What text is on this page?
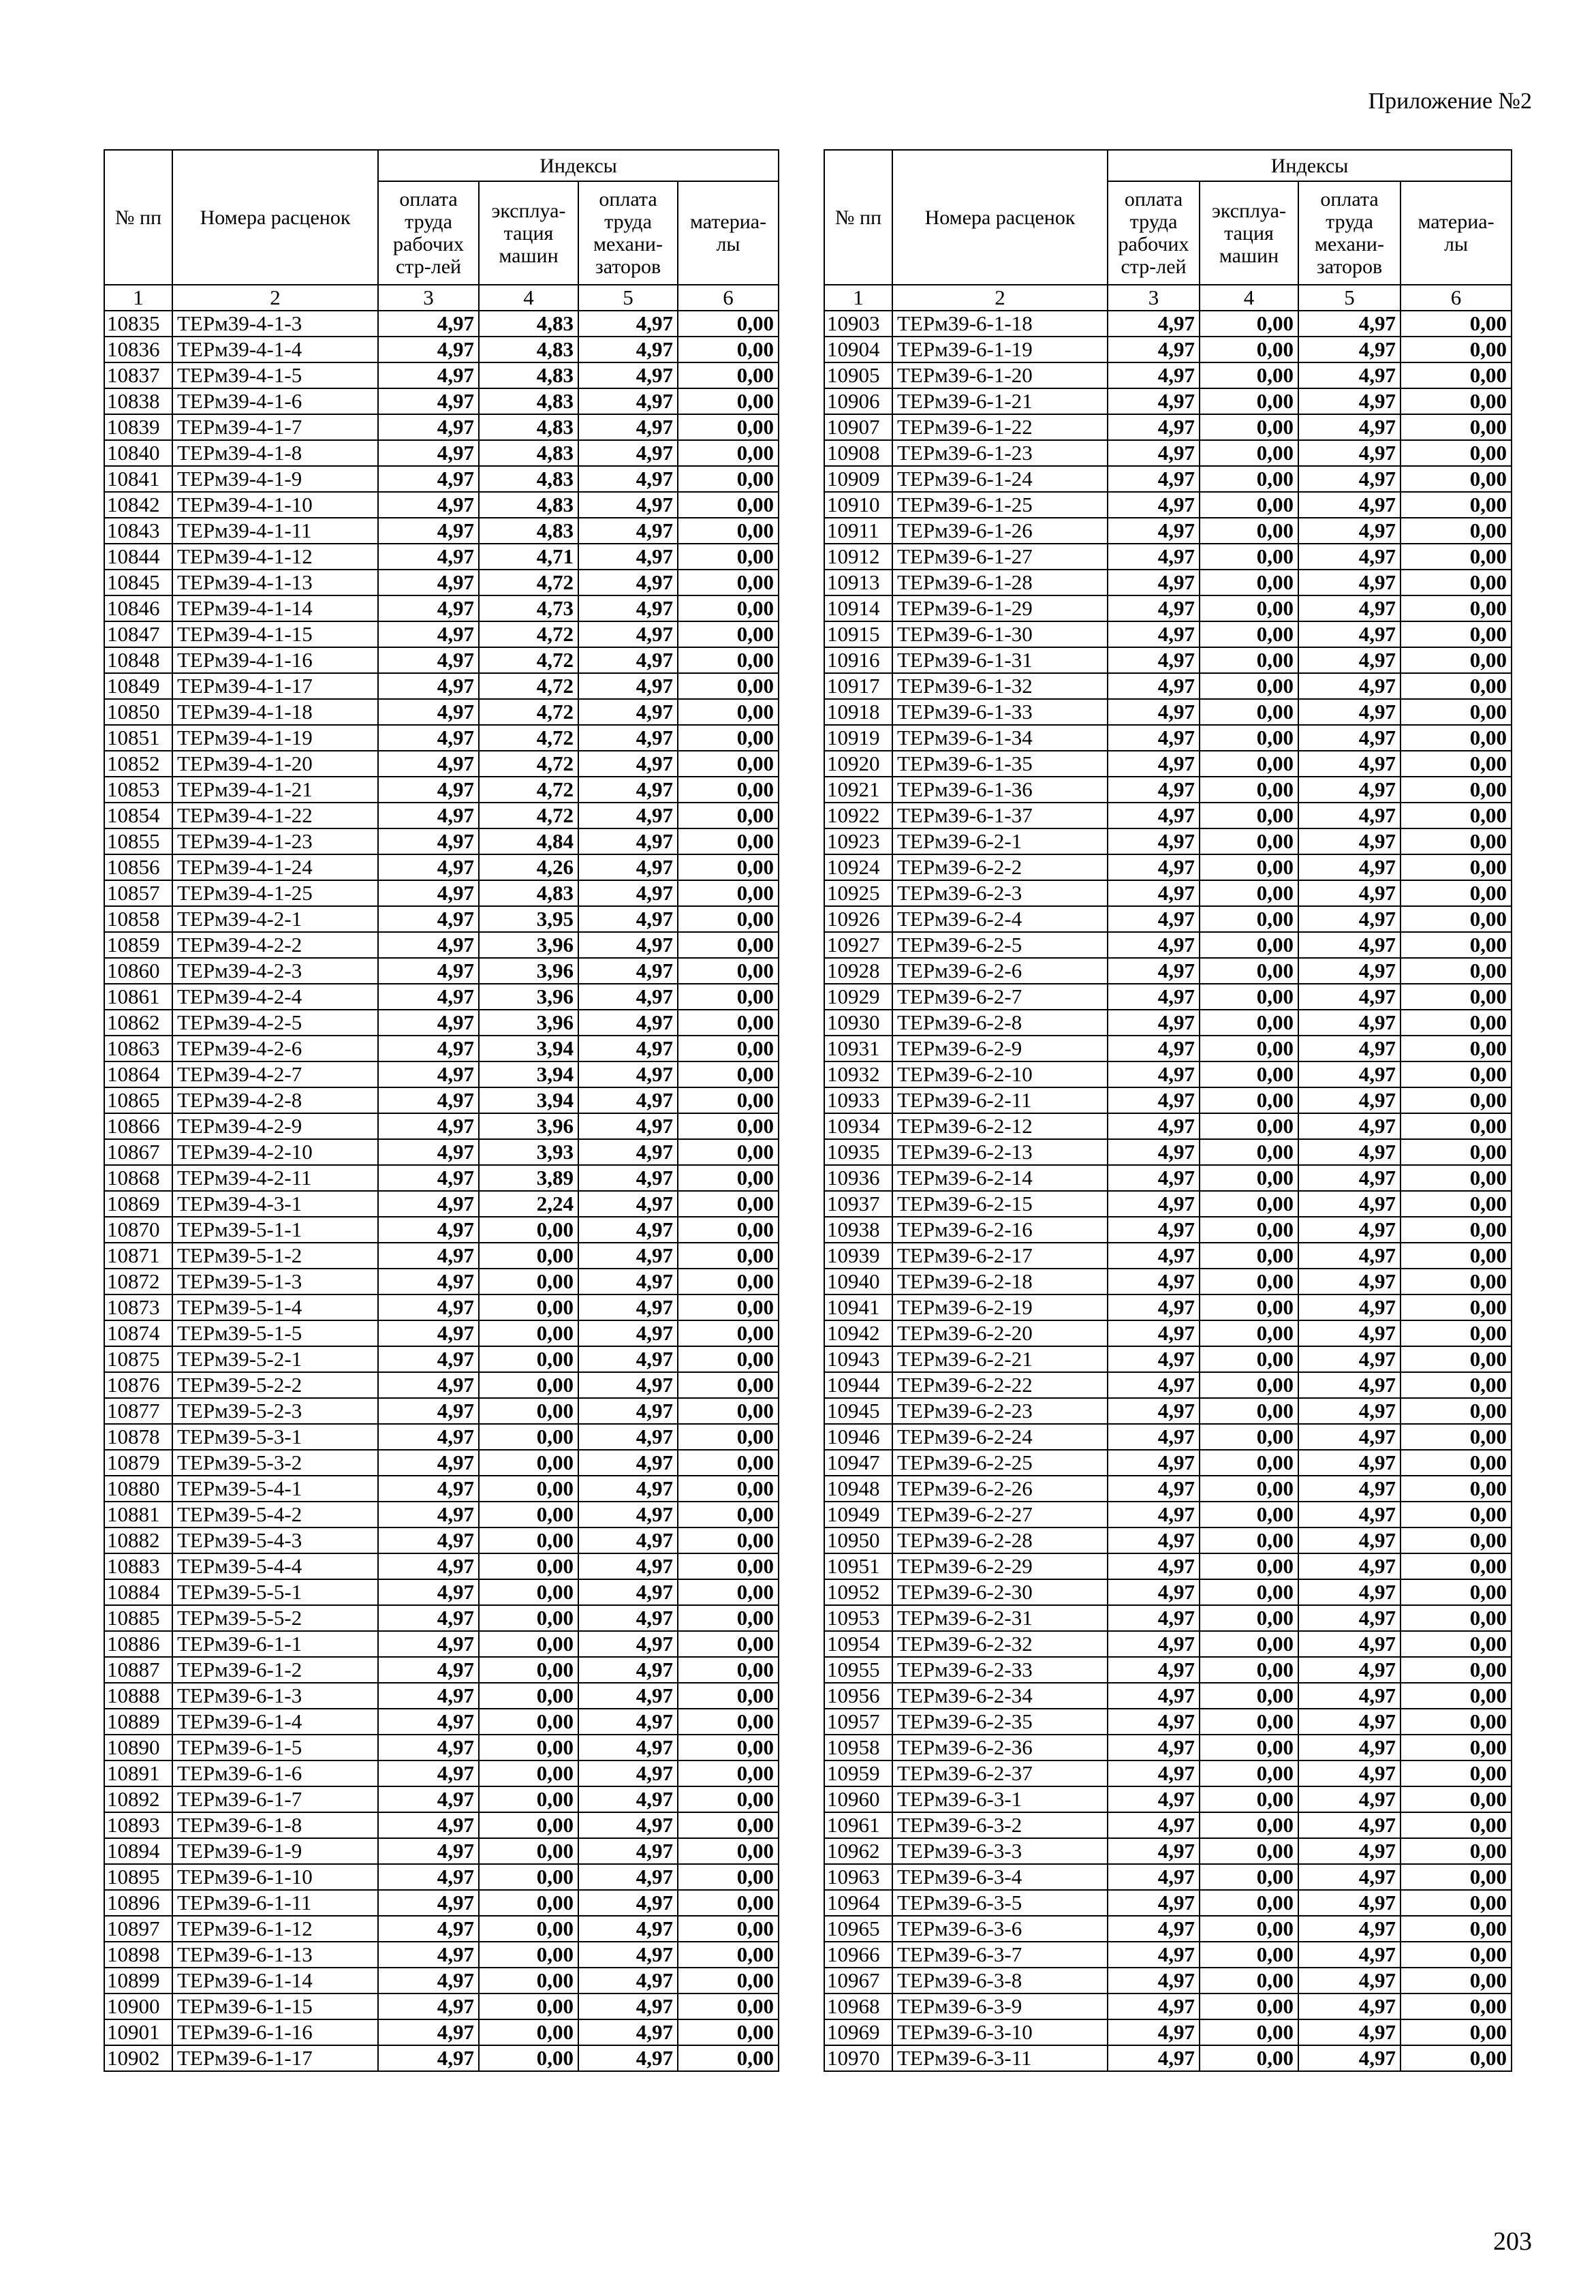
Приложение №2
№ пп	Номера расценок	Индексы			
		оплата труда рабочих стр-лей	эксплуа- тация машин	оплата труда механи- заторов	материа- лы
1	2	3	4	5	6
10835	ТЕРм39-4-1-3	4,97	4,83	4,97	0,00
10836	ТЕРм39-4-1-4	4,97	4,83	4,97	0,00
10837	ТЕРм39-4-1-5	4,97	4,83	4,97	0,00
10838	ТЕРм39-4-1-6	4,97	4,83	4,97	0,00
10839	ТЕРм39-4-1-7	4,97	4,83	4,97	0,00
10840	ТЕРм39-4-1-8	4,97	4,83	4,97	0,00
10841	ТЕРм39-4-1-9	4,97	4,83	4,97	0,00
10842	ТЕРм39-4-1-10	4,97	4,83	4,97	0,00
10843	ТЕРм39-4-1-11	4,97	4,83	4,97	0,00
10844	ТЕРм39-4-1-12	4,97	4,71	4,97	0,00
10845	ТЕРм39-4-1-13	4,97	4,72	4,97	0,00
10846	ТЕРм39-4-1-14	4,97	4,73	4,97	0,00
10847	ТЕРм39-4-1-15	4,97	4,72	4,97	0,00
10848	ТЕРм39-4-1-16	4,97	4,72	4,97	0,00
10849	ТЕРм39-4-1-17	4,97	4,72	4,97	0,00
10850	ТЕРм39-4-1-18	4,97	4,72	4,97	0,00
10851	ТЕРм39-4-1-19	4,97	4,72	4,97	0,00
10852	ТЕРм39-4-1-20	4,97	4,72	4,97	0,00
10853	ТЕРм39-4-1-21	4,97	4,72	4,97	0,00
10854	ТЕРм39-4-1-22	4,97	4,72	4,97	0,00
10855	ТЕРм39-4-1-23	4,97	4,84	4,97	0,00
10856	ТЕРм39-4-1-24	4,97	4,26	4,97	0,00
10857	ТЕРм39-4-1-25	4,97	4,83	4,97	0,00
10858	ТЕРм39-4-2-1	4,97	3,95	4,97	0,00
10859	ТЕРм39-4-2-2	4,97	3,96	4,97	0,00
10860	ТЕРм39-4-2-3	4,97	3,96	4,97	0,00
10861	ТЕРм39-4-2-4	4,97	3,96	4,97	0,00
10862	ТЕРм39-4-2-5	4,97	3,96	4,97	0,00
10863	ТЕРм39-4-2-6	4,97	3,94	4,97	0,00
10864	ТЕРм39-4-2-7	4,97	3,94	4,97	0,00
10865	ТЕРм39-4-2-8	4,97	3,94	4,97	0,00
10866	ТЕРм39-4-2-9	4,97	3,96	4,97	0,00
10867	ТЕРм39-4-2-10	4,97	3,93	4,97	0,00
10868	ТЕРм39-4-2-11	4,97	3,89	4,97	0,00
10869	ТЕРм39-4-3-1	4,97	2,24	4,97	0,00
10870	ТЕРм39-5-1-1	4,97	0,00	4,97	0,00
10871	ТЕРм39-5-1-2	4,97	0,00	4,97	0,00
10872	ТЕРм39-5-1-3	4,97	0,00	4,97	0,00
10873	ТЕРм39-5-1-4	4,97	0,00	4,97	0,00
10874	ТЕРм39-5-1-5	4,97	0,00	4,97	0,00
10875	ТЕРм39-5-2-1	4,97	0,00	4,97	0,00
10876	ТЕРм39-5-2-2	4,97	0,00	4,97	0,00
10877	ТЕРм39-5-2-3	4,97	0,00	4,97	0,00
10878	ТЕРм39-5-3-1	4,97	0,00	4,97	0,00
10879	ТЕРм39-5-3-2	4,97	0,00	4,97	0,00
10880	ТЕРм39-5-4-1	4,97	0,00	4,97	0,00
10881	ТЕРм39-5-4-2	4,97	0,00	4,97	0,00
10882	ТЕРм39-5-4-3	4,97	0,00	4,97	0,00
10883	ТЕРм39-5-4-4	4,97	0,00	4,97	0,00
10884	ТЕРм39-5-5-1	4,97	0,00	4,97	0,00
10885	ТЕРм39-5-5-2	4,97	0,00	4,97	0,00
10886	ТЕРм39-6-1-1	4,97	0,00	4,97	0,00
10887	ТЕРм39-6-1-2	4,97	0,00	4,97	0,00
10888	ТЕРм39-6-1-3	4,97	0,00	4,97	0,00
10889	ТЕРм39-6-1-4	4,97	0,00	4,97	0,00
10890	ТЕРм39-6-1-5	4,97	0,00	4,97	0,00
10891	ТЕРм39-6-1-6	4,97	0,00	4,97	0,00
10892	ТЕРм39-6-1-7	4,97	0,00	4,97	0,00
10893	ТЕРм39-6-1-8	4,97	0,00	4,97	0,00
10894	ТЕРм39-6-1-9	4,97	0,00	4,97	0,00
10895	ТЕРм39-6-1-10	4,97	0,00	4,97	0,00
10896	ТЕРм39-6-1-11	4,97	0,00	4,97	0,00
10897	ТЕРм39-6-1-12	4,97	0,00	4,97	0,00
10898	ТЕРм39-6-1-13	4,97	0,00	4,97	0,00
10899	ТЕРм39-6-1-14	4,97	0,00	4,97	0,00
10900	ТЕРм39-6-1-15	4,97	0,00	4,97	0,00
10901	ТЕРм39-6-1-16	4,97	0,00	4,97	0,00
10902	ТЕРм39-6-1-17	4,97	0,00	4,97	0,00
№ пп	Номера расценок	Индексы			
		оплата труда рабочих стр-лей	эксплуа- тация машин	оплата труда механи- заторов	материа- лы
1	2	3	4	5	6
10903	ТЕРм39-6-1-18	4,97	0,00	4,97	0,00
10904	ТЕРм39-6-1-19	4,97	0,00	4,97	0,00
10905	ТЕРм39-6-1-20	4,97	0,00	4,97	0,00
10906	ТЕРм39-6-1-21	4,97	0,00	4,97	0,00
10907	ТЕРм39-6-1-22	4,97	0,00	4,97	0,00
10908	ТЕРм39-6-1-23	4,97	0,00	4,97	0,00
10909	ТЕРм39-6-1-24	4,97	0,00	4,97	0,00
10910	ТЕРм39-6-1-25	4,97	0,00	4,97	0,00
10911	ТЕРм39-6-1-26	4,97	0,00	4,97	0,00
10912	ТЕРм39-6-1-27	4,97	0,00	4,97	0,00
10913	ТЕРм39-6-1-28	4,97	0,00	4,97	0,00
10914	ТЕРм39-6-1-29	4,97	0,00	4,97	0,00
10915	ТЕРм39-6-1-30	4,97	0,00	4,97	0,00
10916	ТЕРм39-6-1-31	4,97	0,00	4,97	0,00
10917	ТЕРм39-6-1-32	4,97	0,00	4,97	0,00
10918	ТЕРм39-6-1-33	4,97	0,00	4,97	0,00
10919	ТЕРм39-6-1-34	4,97	0,00	4,97	0,00
10920	ТЕРм39-6-1-35	4,97	0,00	4,97	0,00
10921	ТЕРм39-6-1-36	4,97	0,00	4,97	0,00
10922	ТЕРм39-6-1-37	4,97	0,00	4,97	0,00
10923	ТЕРм39-6-2-1	4,97	0,00	4,97	0,00
10924	ТЕРм39-6-2-2	4,97	0,00	4,97	0,00
10925	ТЕРм39-6-2-3	4,97	0,00	4,97	0,00
10926	ТЕРм39-6-2-4	4,97	0,00	4,97	0,00
10927	ТЕРм39-6-2-5	4,97	0,00	4,97	0,00
10928	ТЕРм39-6-2-6	4,97	0,00	4,97	0,00
10929	ТЕРм39-6-2-7	4,97	0,00	4,97	0,00
10930	ТЕРм39-6-2-8	4,97	0,00	4,97	0,00
10931	ТЕРм39-6-2-9	4,97	0,00	4,97	0,00
10932	ТЕРм39-6-2-10	4,97	0,00	4,97	0,00
10933	ТЕРм39-6-2-11	4,97	0,00	4,97	0,00
10934	ТЕРм39-6-2-12	4,97	0,00	4,97	0,00
10935	ТЕРм39-6-2-13	4,97	0,00	4,97	0,00
10936	ТЕРм39-6-2-14	4,97	0,00	4,97	0,00
10937	ТЕРм39-6-2-15	4,97	0,00	4,97	0,00
10938	ТЕРм39-6-2-16	4,97	0,00	4,97	0,00
10939	ТЕРм39-6-2-17	4,97	0,00	4,97	0,00
10940	ТЕРм39-6-2-18	4,97	0,00	4,97	0,00
10941	ТЕРм39-6-2-19	4,97	0,00	4,97	0,00
10942	ТЕРм39-6-2-20	4,97	0,00	4,97	0,00
10943	ТЕРм39-6-2-21	4,97	0,00	4,97	0,00
10944	ТЕРм39-6-2-22	4,97	0,00	4,97	0,00
10945	ТЕРм39-6-2-23	4,97	0,00	4,97	0,00
10946	ТЕРм39-6-2-24	4,97	0,00	4,97	0,00
10947	ТЕРм39-6-2-25	4,97	0,00	4,97	0,00
10948	ТЕРм39-6-2-26	4,97	0,00	4,97	0,00
10949	ТЕРм39-6-2-27	4,97	0,00	4,97	0,00
10950	ТЕРм39-6-2-28	4,97	0,00	4,97	0,00
10951	ТЕРм39-6-2-29	4,97	0,00	4,97	0,00
10952	ТЕРм39-6-2-30	4,97	0,00	4,97	0,00
10953	ТЕРм39-6-2-31	4,97	0,00	4,97	0,00
10954	ТЕРм39-6-2-32	4,97	0,00	4,97	0,00
10955	ТЕРм39-6-2-33	4,97	0,00	4,97	0,00
10956	ТЕРм39-6-2-34	4,97	0,00	4,97	0,00
10957	ТЕРм39-6-2-35	4,97	0,00	4,97	0,00
10958	ТЕРм39-6-2-36	4,97	0,00	4,97	0,00
10959	ТЕРм39-6-2-37	4,97	0,00	4,97	0,00
10960	ТЕРм39-6-3-1	4,97	0,00	4,97	0,00
10961	ТЕРм39-6-3-2	4,97	0,00	4,97	0,00
10962	ТЕРм39-6-3-3	4,97	0,00	4,97	0,00
10963	ТЕРм39-6-3-4	4,97	0,00	4,97	0,00
10964	ТЕРм39-6-3-5	4,97	0,00	4,97	0,00
10965	ТЕРм39-6-3-6	4,97	0,00	4,97	0,00
10966	ТЕРм39-6-3-7	4,97	0,00	4,97	0,00
10967	ТЕРм39-6-3-8	4,97	0,00	4,97	0,00
10968	ТЕРм39-6-3-9	4,97	0,00	4,97	0,00
10969	ТЕРм39-6-3-10	4,97	0,00	4,97	0,00
10970	ТЕРм39-6-3-11	4,97	0,00	4,97	0,00
203
